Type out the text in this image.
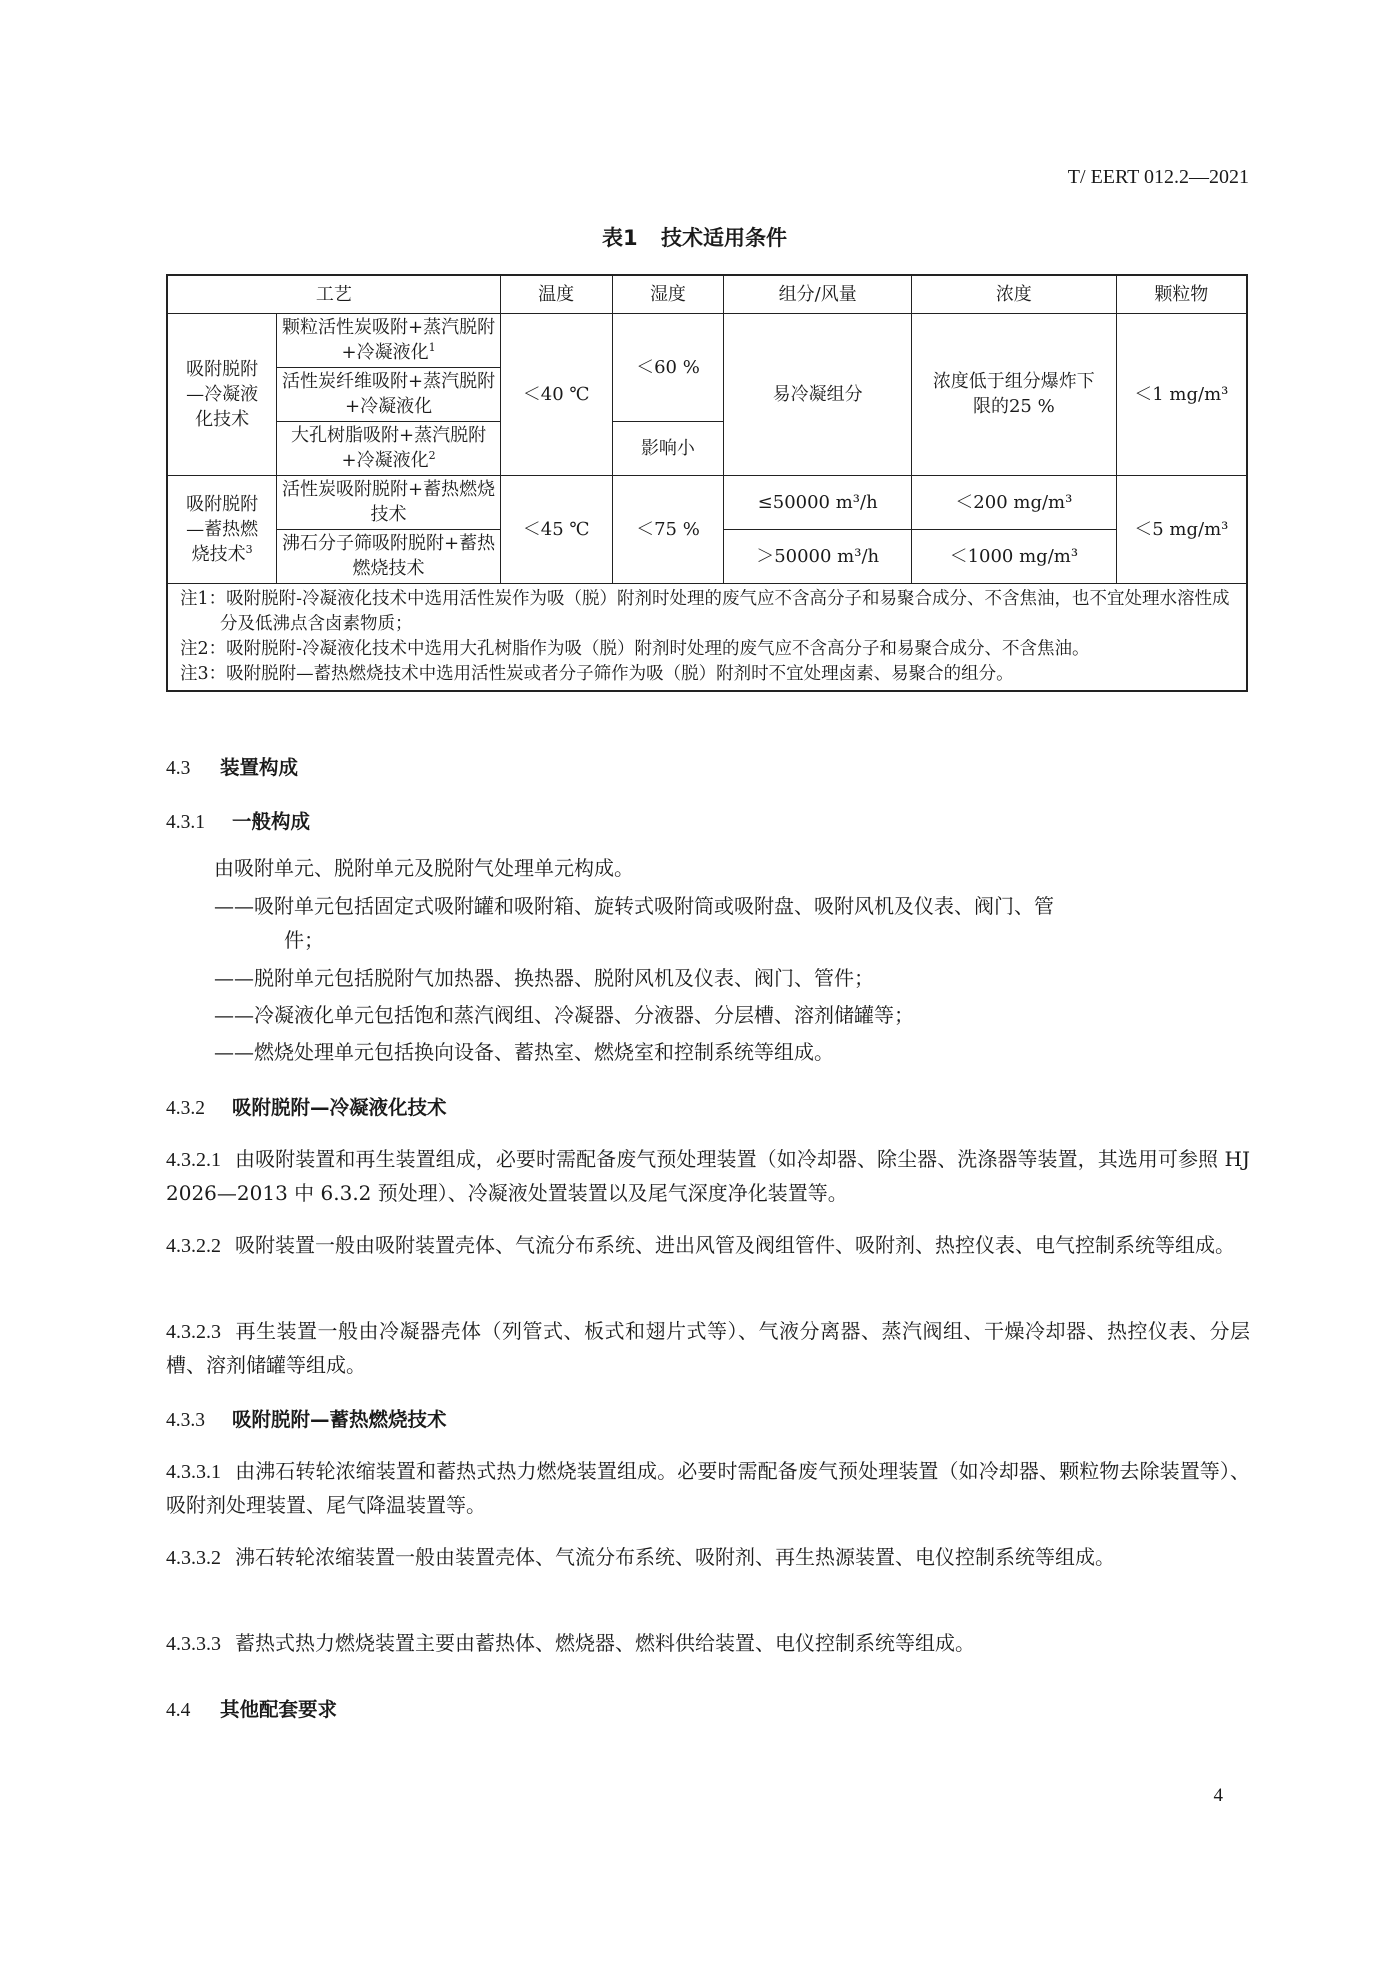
T/ EERT 012.2—2021
表1 技术适用条件
工艺		温度	湿度	组分/风量	浓度	颗粒物
吸附脱附—冷凝液化技术	颗粒活性炭吸附+蒸汽脱附+冷凝液化$^1$	＜40 ℃	＜60 %	易冷凝组分	浓度低于组分爆炸下限的25 %	＜1 mg/m³
	活性炭纤维吸附+蒸汽脱附+冷凝液化					
	大孔树脂吸附+蒸汽脱附+冷凝液化$^2$		影响小			
吸附脱附—蓄热燃烧技术$^3$	活性炭吸附脱附+蓄热燃烧技术	＜45 ℃	＜75 %	≤50000 m³/h	＜200 mg/m³	＜5 mg/m³
	沸石分子筛吸附脱附+蓄热燃烧技术			＞50000 m³/h	＜1000 mg/m³	

注1：吸附脱附-冷凝液化技术中选用活性炭作为吸（脱）附剂时处理的废气应不含高分子和易聚合成分、不含焦油，也不宜处理水溶性成分及低沸点含卤素物质；
注2：吸附脱附-冷凝液化技术中选用大孔树脂作为吸（脱）附剂时处理的废气应不含高分子和易聚合成分、不含焦油。
注3：吸附脱附—蓄热燃烧技术中选用活性炭或者分子筛作为吸（脱）附剂时不宜处理卤素、易聚合的组分。						
4.3 装置构成
4.3.1 一般构成
由吸附单元、脱附单元及脱附气处理单元构成。
——吸附单元包括固定式吸附罐和吸附箱、旋转式吸附筒或吸附盘、吸附风机及仪表、阀门、管
件；
——脱附单元包括脱附气加热器、换热器、脱附风机及仪表、阀门、管件；
——冷凝液化单元包括饱和蒸汽阀组、冷凝器、分液器、分层槽、溶剂储罐等；
——燃烧处理单元包括换向设备、蓄热室、燃烧室和控制系统等组成。
4.3.2 吸附脱附—冷凝液化技术
4.3.2.1 由吸附装置和再生装置组成，必要时需配备废气预处理装置（如冷却器、除尘器、洗涤器等装置，其选用可参照 HJ 2026—2013 中 6.3.2 预处理）、冷凝液处置装置以及尾气深度净化装置等。
4.3.2.2 吸附装置一般由吸附装置壳体、气流分布系统、进出风管及阀组管件、吸附剂、热控仪表、电气控制系统等组成。
4.3.2.3 再生装置一般由冷凝器壳体（列管式、板式和翅片式等）、气液分离器、蒸汽阀组、干燥冷却器、热控仪表、分层槽、溶剂储罐等组成。
4.3.3 吸附脱附—蓄热燃烧技术
4.3.3.1 由沸石转轮浓缩装置和蓄热式热力燃烧装置组成。必要时需配备废气预处理装置（如冷却器、颗粒物去除装置等）、吸附剂处理装置、尾气降温装置等。
4.3.3.2 沸石转轮浓缩装置一般由装置壳体、气流分布系统、吸附剂、再生热源装置、电仪控制系统等组成。
4.3.3.3 蓄热式热力燃烧装置主要由蓄热体、燃烧器、燃料供给装置、电仪控制系统等组成。
4.4 其他配套要求
4
